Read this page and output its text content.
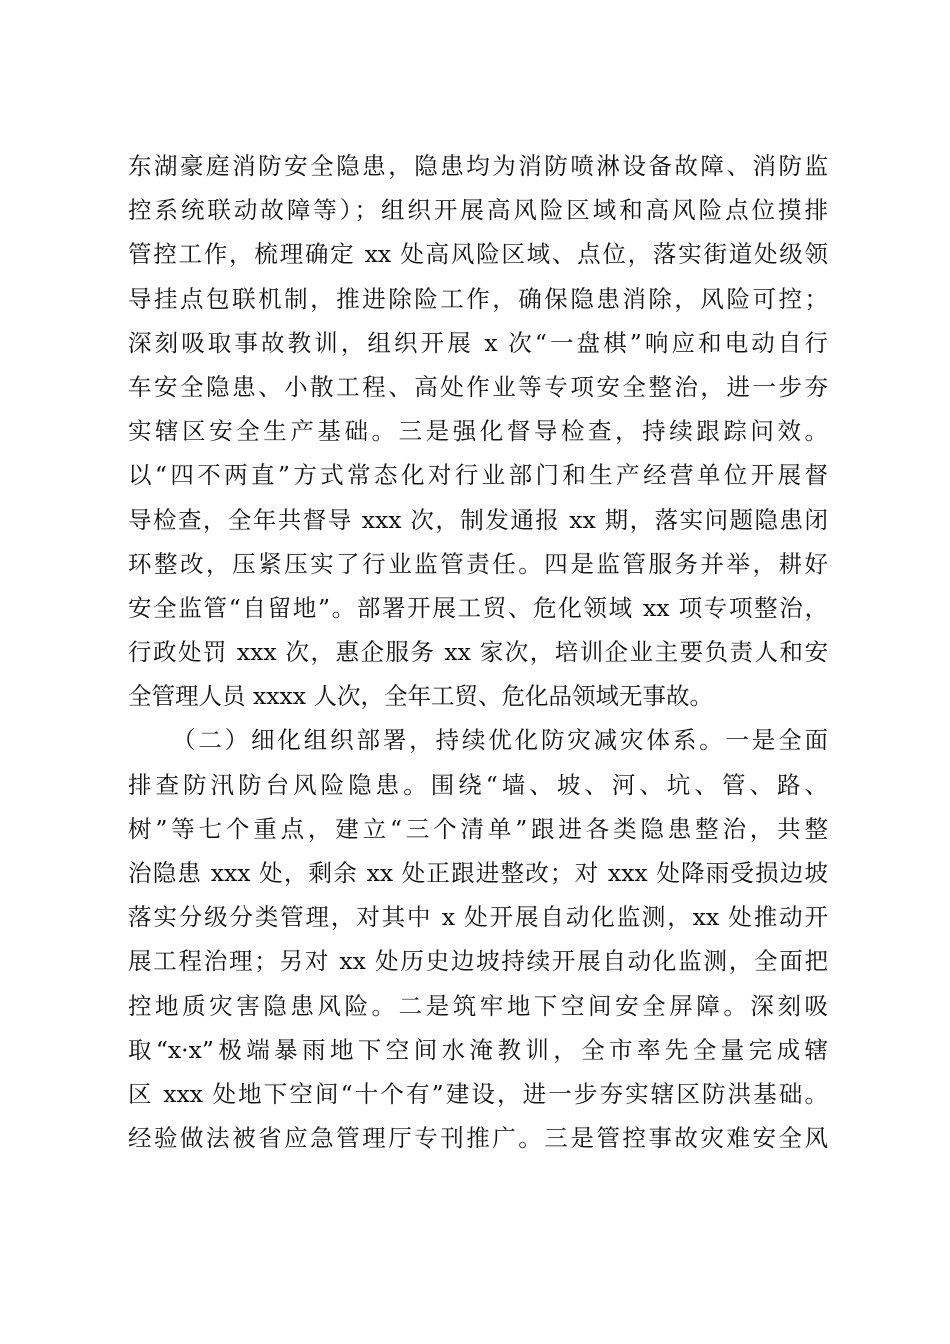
东湖豪庭消防安全隐患，隐患均为消防喷淋设备故障、消防监
控系统联动故障等）；组织开展高风险区域和高风险点位摸排
管控工作，梳理确定 xx 处高风险区域、点位，落实街道处级领
导挂点包联机制，推进除险工作，确保隐患消除，风险可控；
深刻吸取事故教训，组织开展 x 次“一盘棋”响应和电动自行
车安全隐患、小散工程、高处作业等专项安全整治，进一步夯
实辖区安全生产基础。三是强化督导检查，持续跟踪问效。
以“四不两直”方式常态化对行业部门和生产经营单位开展督
导检查，全年共督导 xxx 次，制发通报 xx 期，落实问题隐患闭
环整改，压紧压实了行业监管责任。四是监管服务并举，耕好
安全监管“自留地”。部署开展工贸、危化领域 xx 项专项整治，
行政处罚 xxx 次，惠企服务 xx 家次，培训企业主要负责人和安
全管理人员 xxxx 人次，全年工贸、危化品领域无事故。
（二）细化组织部署，持续优化防灾减灾体系。一是全面
排查防汛防台风险隐患。围绕“墙、坡、河、坑、管、路、
树”等七个重点，建立“三个清单”跟进各类隐患整治，共整
治隐患 xxx 处，剩余 xx 处正跟进整改；对 xxx 处降雨受损边坡
落实分级分类管理，对其中 x 处开展自动化监测，xx 处推动开
展工程治理；另对 xx 处历史边坡持续开展自动化监测，全面把
控地质灾害隐患风险。二是筑牢地下空间安全屏障。深刻吸
取“x·x”极端暴雨地下空间水淹教训，全市率先全量完成辖
区 xxx 处地下空间“十个有”建设，进一步夯实辖区防洪基础。
经验做法被省应急管理厅专刊推广。三是管控事故灾难安全风
